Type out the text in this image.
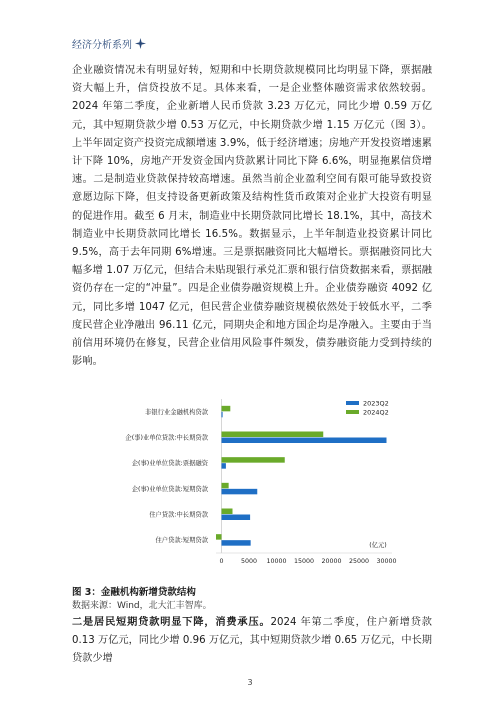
经济分析系列
企业融资情况未有明显好转，短期和中长期贷款规模同比均明显下降，票据融资大幅上升，信贷投放不足。具体来看，一是企业整体融资需求依然较弱。2024 年第二季度，企业新增人民币贷款 3.23 万亿元，同比少增 0.59 万亿元，其中短期贷款少增 0.53 万亿元，中长期贷款少增 1.15 万亿元（图 3）。上半年固定资产投资完成额增速 3.9%，低于经济增速；房地产开发投资增速累计下降 10%，房地产开发资金国内贷款累计同比下降 6.6%，明显拖累信贷增速。二是制造业贷款保持较高增速。虽然当前企业盈利空间有限可能导致投资意愿边际下降，但支持设备更新政策及结构性货币政策对企业扩大投资有明显的促进作用。截至 6 月末，制造业中长期贷款同比增长 18.1%，其中，高技术制造业中长期贷款同比增长 16.5%。数据显示，上半年制造业投资累计同比 9.5%，高于去年同期 6%增速。三是票据融资同比大幅增长。票据融资同比大幅多增 1.07 万亿元，但结合未贴现银行承兑汇票和银行信贷数据来看，票据融资仍存在一定的“冲量”。四是企业债券融资规模上升。企业债券融资 4092 亿元，同比多增 1047 亿元，但民营企业债券融资规模依然处于较低水平，二季度民营企业净融出 96.11 亿元，同期央企和地方国企均是净融入。主要由于当前信用环境仍在修复，民营企业信用风险事件频发，债券融资能力受到持续的影响。
非银行业金融机构贷款
企(事)业单位贷款:中长期贷款
企(事)业单位贷款:票据融资
企(事)业单位贷款:短期贷款
住户贷款:中长期贷款
住户贷款:短期贷款
0	5000 10000 15000 20000 25000 30000
(亿元)
2023Q2
2024Q2
图 3：金融机构新增贷款结构
数据来源：Wind，北大汇丰智库。
二是居民短期贷款明显下降，消费承压。2024 年第二季度，住户新增贷款 0.13 万亿元，同比少增 0.96 万亿元，其中短期贷款少增 0.65 万亿元，中长期贷款少增
3
